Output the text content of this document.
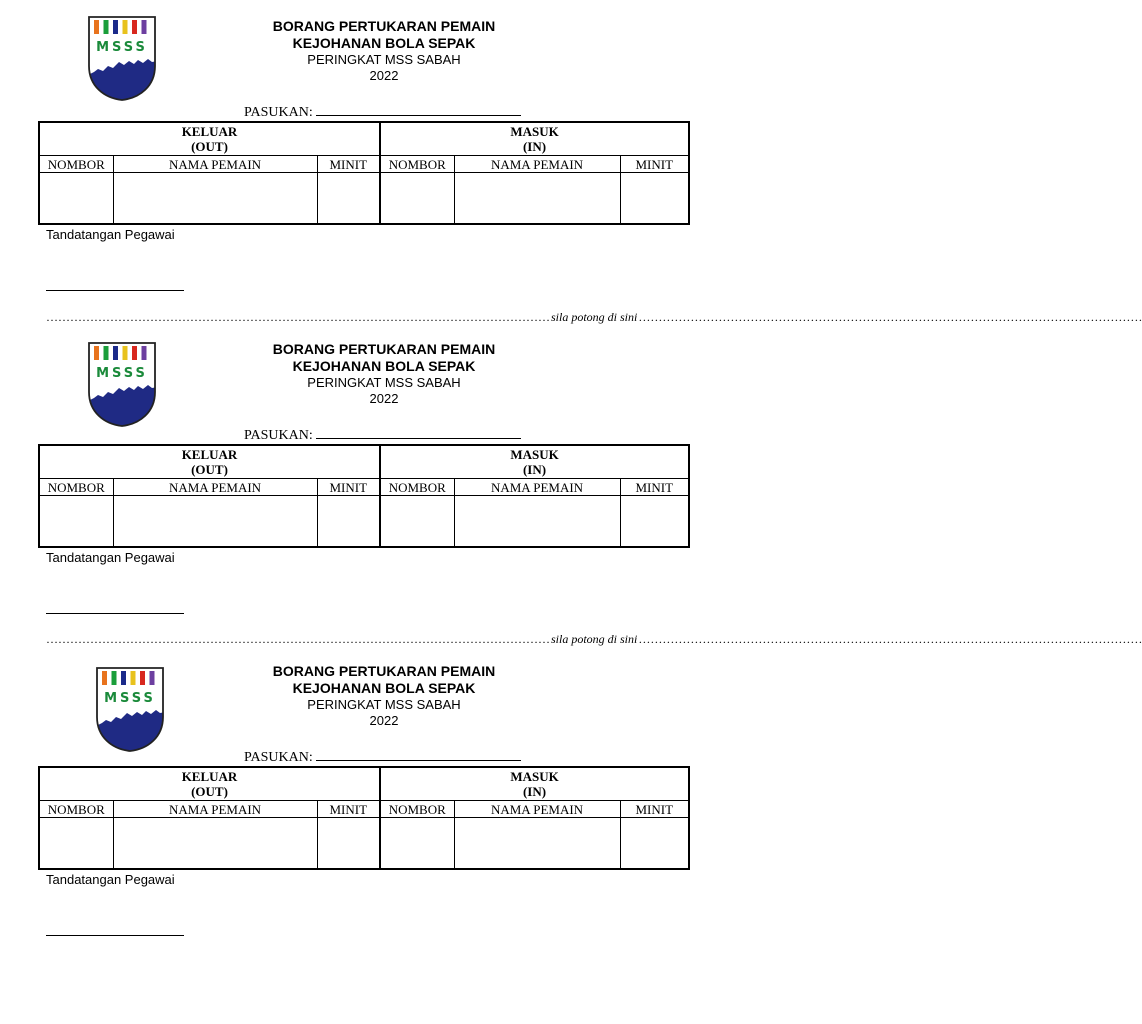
MSSS
BORANG PERTUKARAN PEMAIN
KEJOHANAN BOLA SEPAK
PERINGKAT MSS SABAH
2022
PASUKAN:
KELUAR
(OUT)			MASUK
(IN)		
NOMBOR	NAMA PEMAIN	MINIT	NOMBOR	NAMA PEMAIN	MINIT

Tandatangan Pegawai
……………………………………………………………………………………………………………… sila potong di sini ………………………………………………………………………………………………………………
MSSS
BORANG PERTUKARAN PEMAIN
KEJOHANAN BOLA SEPAK
PERINGKAT MSS SABAH
2022
PASUKAN:
KELUAR
(OUT)			MASUK
(IN)		
NOMBOR	NAMA PEMAIN	MINIT	NOMBOR	NAMA PEMAIN	MINIT

Tandatangan Pegawai
……………………………………………………………………………………………………………… sila potong di sini ………………………………………………………………………………………………………………
MSSS
BORANG PERTUKARAN PEMAIN
KEJOHANAN BOLA SEPAK
PERINGKAT MSS SABAH
2022
PASUKAN:
KELUAR
(OUT)			MASUK
(IN)		
NOMBOR	NAMA PEMAIN	MINIT	NOMBOR	NAMA PEMAIN	MINIT

Tandatangan Pegawai
